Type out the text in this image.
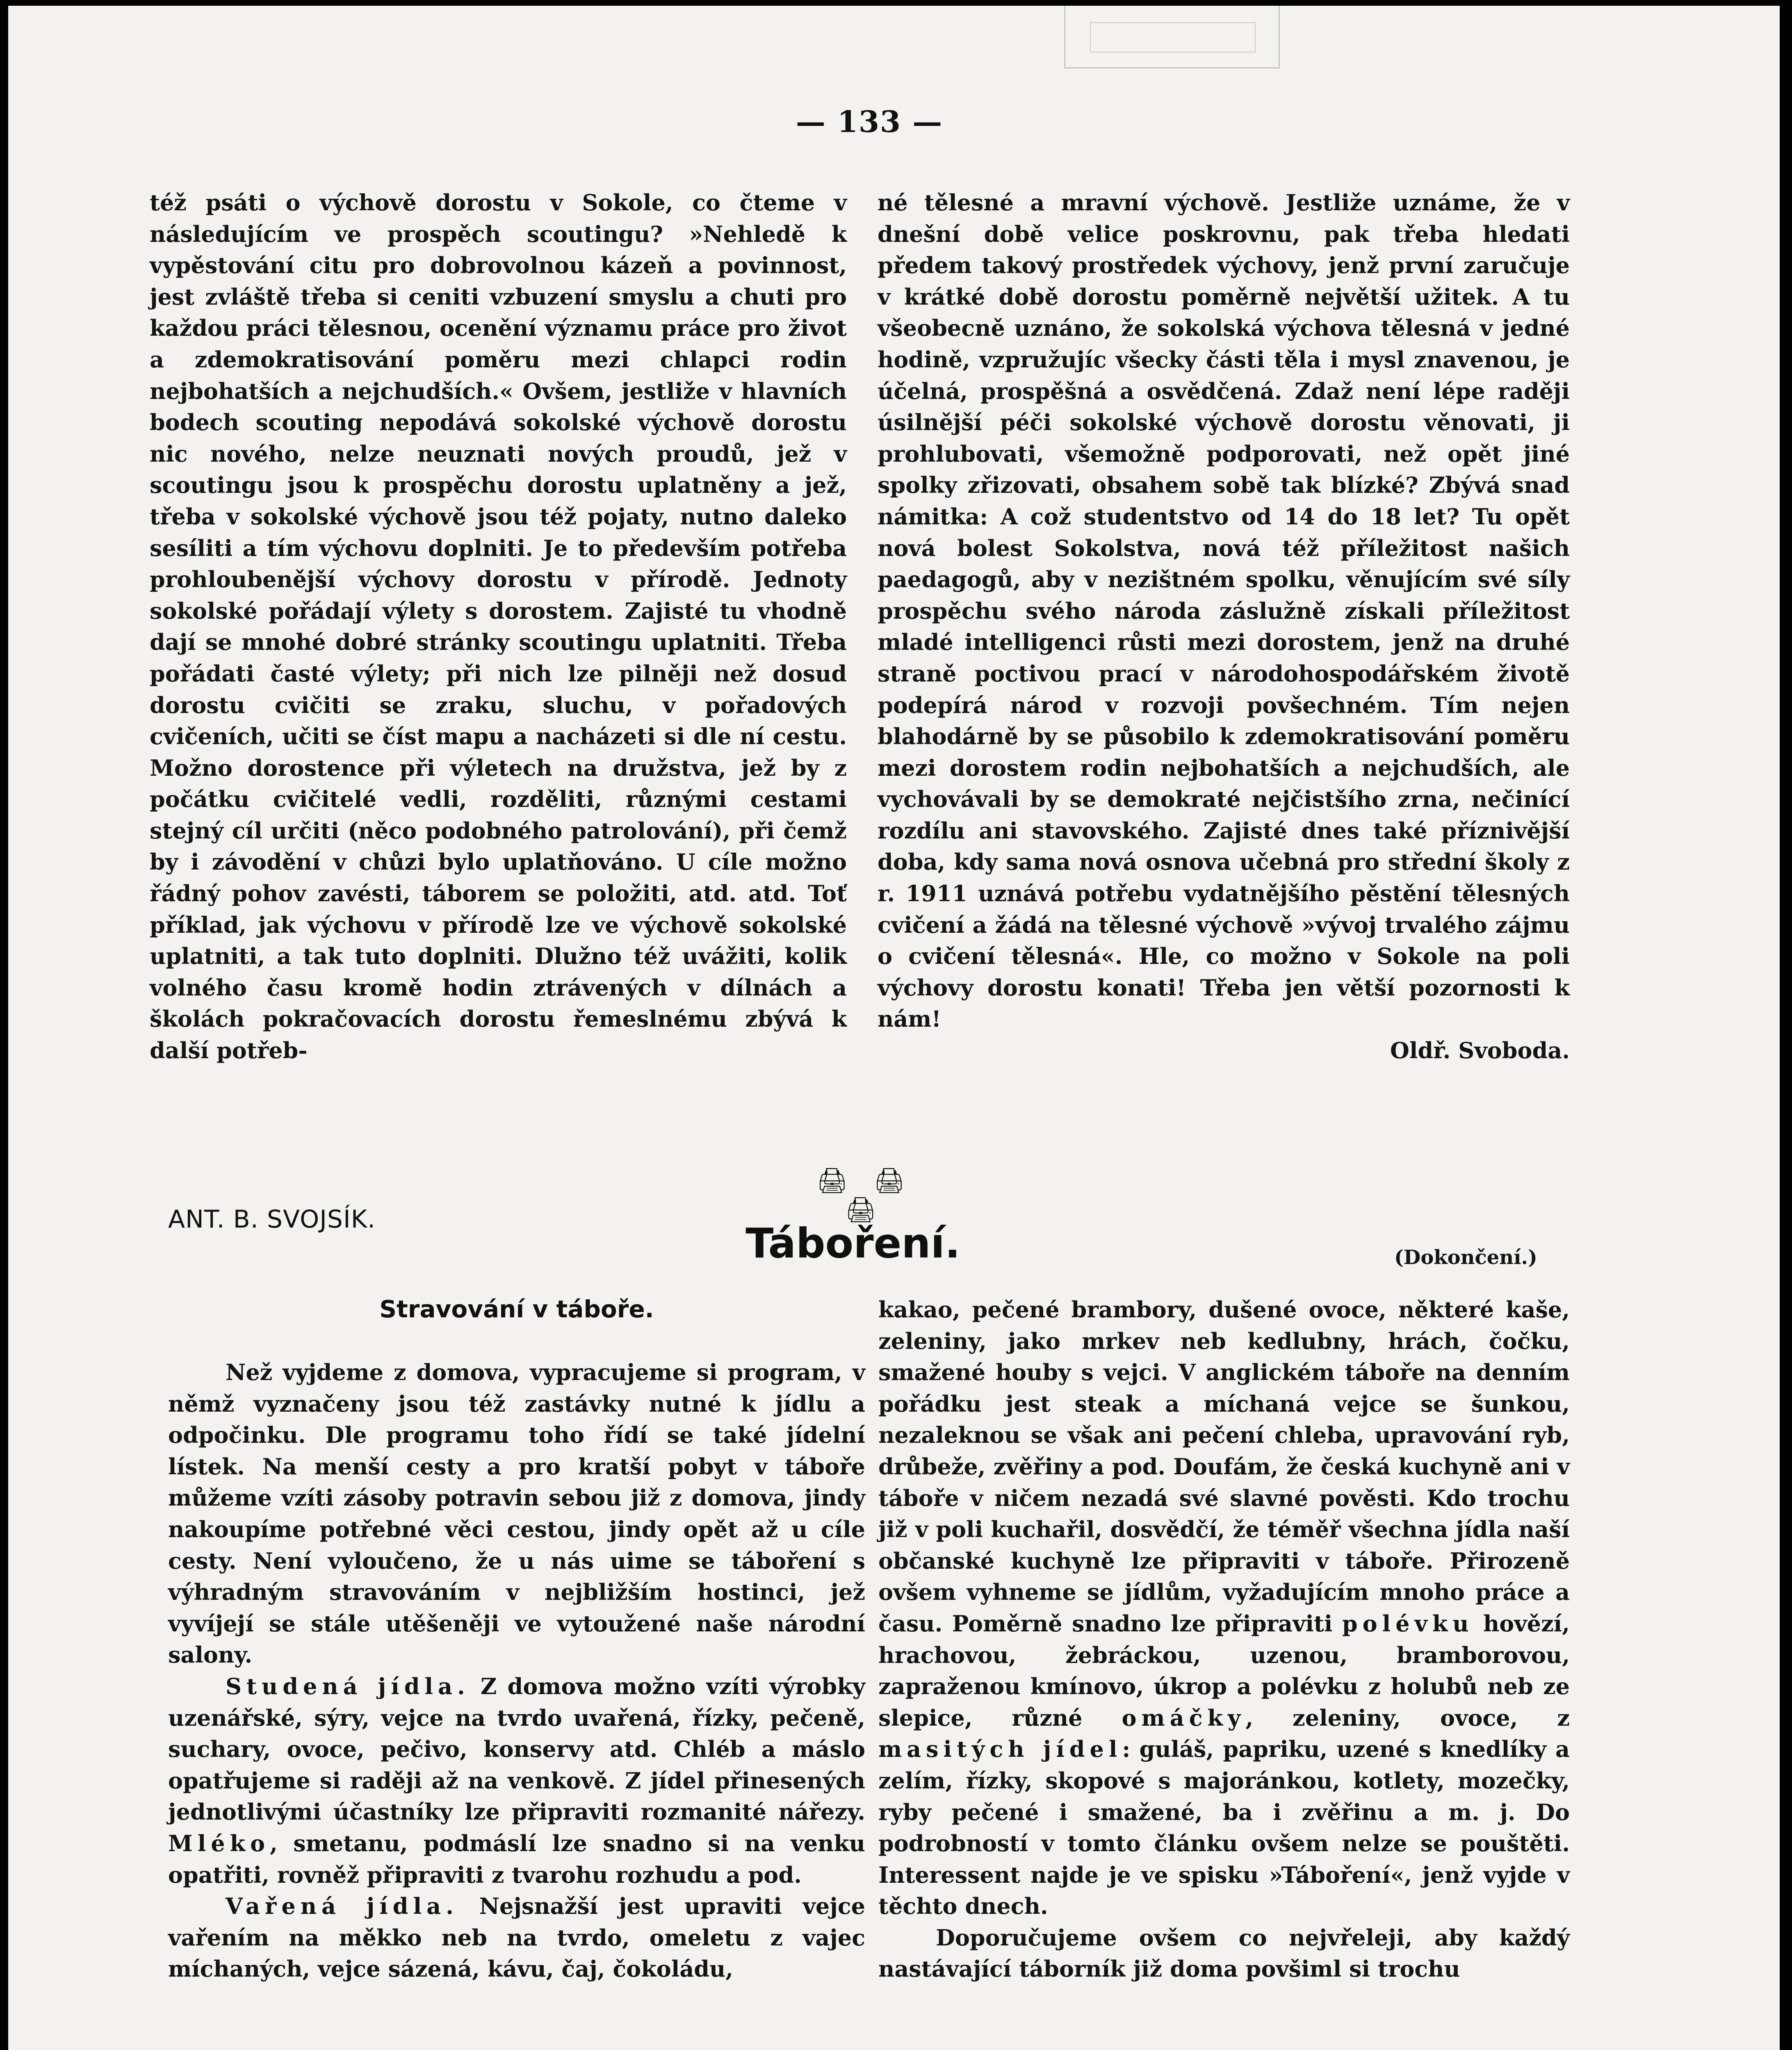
— 133 —

též psáti o výchově dorostu v Sokole, co čteme v následujícím ve prospěch scoutingu? »Nehledě k vypěstování citu pro dobrovolnou kázeň a povinnost, jest zvláště třeba si ceniti vzbuzení smyslu a chuti pro každou práci tělesnou, ocenění významu práce pro život a zdemokratisování poměru mezi chlapci rodin nejbohatších a nejchudších.« Ovšem, jestliže v hlavních bodech scouting nepodává sokolské výchově dorostu nic nového, nelze neuznati nových proudů, jež v scoutingu jsou k prospěchu dorostu uplatněny a jež, třeba v sokolské výchově jsou též pojaty, nutno daleko sesíliti a tím výchovu doplniti. Je to především potřeba prohloubenější výchovy dorostu v přírodě. Jednoty sokolské pořádají výlety s dorostem. Zajisté tu vhodně dají se mnohé dobré stránky scoutingu uplatniti. Třeba pořádati časté výlety; při nich lze pilněji než dosud dorostu cvičiti se zraku, sluchu, v pořadových cvičeních, učiti se číst mapu a nacházeti si dle ní cestu. Možno dorostence při výletech na družstva, jež by z počátku cvičitelé vedli, rozděliti, různými cestami stejný cíl určiti (něco podobného patrolování), při čemž by i závodění v chůzi bylo uplatňováno. U cíle možno řádný pohov zavésti, táborem se položiti, atd. atd. Toť příklad, jak výchovu v přírodě lze ve výchově sokolské uplatniti, a tak tuto doplniti. Dlužno též uvážiti, kolik volného času kromě hodin ztrávených v dílnách a školách pokračovacích dorostu řemeslnému zbývá k další potřeb-

né tělesné a mravní výchově. Jestliže uznáme, že v dnešní době velice poskrovnu, pak třeba hledati předem takový prostředek výchovy, jenž první zaručuje v krátké době dorostu poměrně největší užitek. A tu všeobecně uznáno, že sokolská výchova tělesná v jedné hodině, vzpružujíc všecky části těla i mysl znavenou, je účelná, prospěšná a osvědčená. Zdaž není lépe raději úsilnější péči sokolské výchově dorostu věnovati, ji prohlubovati, všemožně podporovati, než opět jiné spolky zřizovati, obsahem sobě tak blízké? Zbývá snad námitka: A což studentstvo od 14 do 18 let? Tu opět nová bolest Sokolstva, nová též příležitost našich paedagogů, aby v nezištném spolku, věnujícím své síly prospěchu svého národa záslužně získali příležitost mladé intelligenci růsti mezi dorostem, jenž na druhé straně poctivou prací v národohospodářském životě podepírá národ v rozvoji povšechném. Tím nejen blahodárně by se působilo k zdemokratisování poměru mezi dorostem rodin nejbohatších a nejchudších, ale vychovávali by se demokraté nejčistšího zrna, nečinící rozdílu ani stavovského. Zajisté dnes také příznivější doba, kdy sama nová osnova učebná pro střední školy z r. 1911 uznává potřebu vydatnějšího pěstění tělesných cvičení a žádá na tělesné výchově »vývoj trvalého zájmu o cvičení tělesná«. Hle, co možno v Sokole na poli výchovy dorostu konati! Třeba jen větší pozornosti k nám!

Oldř. Svoboda.

🖨 🖨 🖨
ANT. B. SVOJSÍK.	Táboření.	(Dokončení.)
Stravování v táboře.

Než vyjdeme z domova, vypracujeme si program, v němž vyznačeny jsou též zastávky nutné k jídlu a odpočinku. Dle programu toho řídí se také jídelní lístek. Na menší cesty a pro kratší pobyt v táboře můžeme vzíti zásoby potravin sebou již z domova, jindy nakoupíme potřebné věci cestou, jindy opět až u cíle cesty. Není vyloučeno, že u nás uime se táboření s výhradným stravováním v nejbližším hostinci, jež vyvíjejí se stále utěšeněji ve vytoužené naše národní salony.

Studená jídla. Z domova možno vzíti výrobky uzenářské, sýry, vejce na tvrdo uvařená, řízky, pečeně, suchary, ovoce, pečivo, konservy atd. Chléb a máslo opatřujeme si raději až na venkově. Z jídel přinesených jednotlivými účastníky lze připraviti rozmanité nářezy. Mléko, smetanu, podmáslí lze snadno si na venku opatřiti, rovněž připraviti z tvarohu rozhudu a pod.

Vařená jídla. Nejsnažší jest upraviti vejce vařením na měkko neb na tvrdo, omeletu z vajec míchaných, vejce sázená, kávu, čaj, čokoládu,

kakao, pečené brambory, dušené ovoce, některé kaše, zeleniny, jako mrkev neb kedlubny, hrách, čočku, smažené houby s vejci. V anglickém táboře na denním pořádku jest steak a míchaná vejce se šunkou, nezaleknou se však ani pečení chleba, upravování ryb, drůbeže, zvěřiny a pod. Doufám, že česká kuchyně ani v táboře v ničem nezadá své slavné pověsti. Kdo trochu již v poli kuchařil, dosvědčí, že téměř všechna jídla naší občanské kuchyně lze připraviti v táboře. Přirozeně ovšem vyhneme se jídlům, vyžadujícím mnoho práce a času. Poměrně snadno lze připraviti polévku hovězí, hrachovou, žebráckou, uzenou, bramborovou, zapraženou kmínovo, úkrop a polévku z holubů neb ze slepice, různé omáčky, zeleniny, ovoce, z masitých jídel: guláš, papriku, uzené s knedlíky a zelím, řízky, skopové s majoránkou, kotlety, mozečky, ryby pečené i smažené, ba i zvěřinu a m. j. Do podrobností v tomto článku ovšem nelze se pouštěti. Interessent najde je ve spisku »Táboření«, jenž vyjde v těchto dnech.

Doporučujeme ovšem co nejvřeleji, aby každý nastávající táborník již doma povšiml si trochu
